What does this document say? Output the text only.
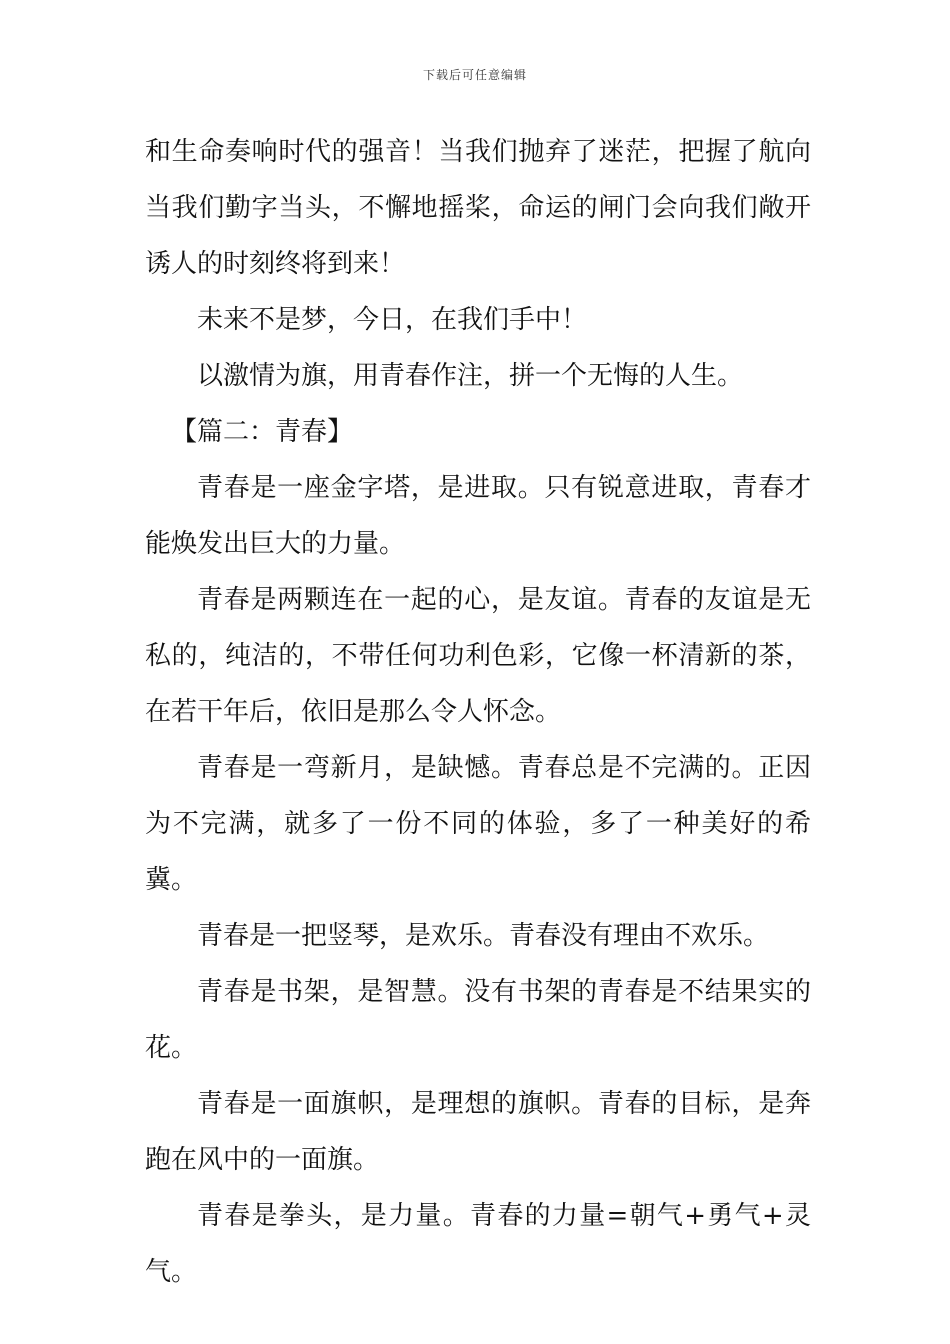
下载后可任意编辑

和生命奏响时代的强音！当我们抛弃了迷茫，把握了航向当我们勤字当头，不懈地摇桨，命运的闸门会向我们敞开诱人的时刻终将到来！

未来不是梦，今日，在我们手中！

以激情为旗，用青春作注，拼一个无悔的人生。

【篇二：青春】

青春是一座金字塔，是进取。只有锐意进取，青春才能焕发出巨大的力量。

青春是两颗连在一起的心，是友谊。青春的友谊是无私的，纯洁的，不带任何功利色彩，它像一杯清新的茶，在若干年后，依旧是那么令人怀念。

青春是一弯新月，是缺憾。青春总是不完满的。正因为不完满，就多了一份不同的体验，多了一种美好的希冀。

青春是一把竖琴，是欢乐。青春没有理由不欢乐。

青春是书架，是智慧。没有书架的青春是不结果实的花。

青春是一面旗帜，是理想的旗帜。青春的目标，是奔跑在风中的一面旗。

青春是拳头，是力量。青春的力量=朝气+勇气+灵气。
